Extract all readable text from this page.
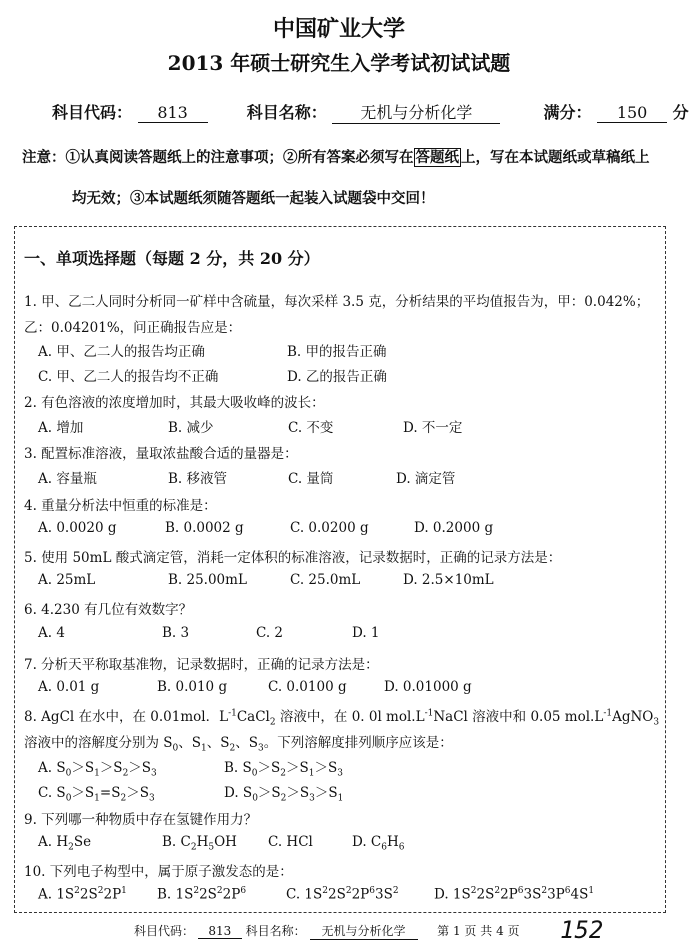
中国矿业大学
2013 年硕士研究生入学考试初试试题
科目代码： 813	科目名称： 无机与分析化学	满分： 150 分
注意：①认真阅读答题纸上的注意事项；②所有答案必须写在 答题纸 上，写在本试题纸或草稿纸上
均无效；③本试题纸须随答题纸一起装入试题袋中交回！
一、单项选择题（每题 2 分，共 20 分）
1. 甲、乙二人同时分析同一矿样中含硫量，每次采样 3.5 克，分析结果的平均值报告为，甲：0.042%；
乙：0.04201%，问正确报告应是：
A. 甲、乙二人的报告均正确	B. 甲的报告正确
C. 甲、乙二人的报告均不正确	D. 乙的报告正确
2. 有色溶液的浓度增加时，其最大吸收峰的波长：
A. 增加	B. 减少	C. 不变	D. 不一定
3. 配置标准溶液，量取浓盐酸合适的量器是：
A. 容量瓶	B. 移液管	C. 量筒	D. 滴定管
4. 重量分析法中恒重的标准是：
A. 0.0020 g	B. 0.0002 g	C. 0.0200 g	D. 0.2000 g
5. 使用 50mL 酸式滴定管，消耗一定体积的标准溶液，记录数据时，正确的记录方法是：
A. 25mL	B. 25.00mL	C. 25.0mL	D. 2.5×10mL
6. 4.230 有几位有效数字？
A. 4	B. 3	C. 2	D. 1
7. 分析天平称取基准物，记录数据时，正确的记录方法是：
A. 0.01 g	B. 0.010 g	C. 0.0100 g	D. 0.01000 g
8. AgCl 在水中，在 0.01mol．$L^{-1}CaCl_2$ 溶液中，在 0. 0l $mol.L^{-1}NaCl$ 溶液中和 0.05 $mol.L^{-1}AgNO_3$
溶液中的溶解度分别为 $S_0$、$S_1$、$S_2$、$S_3$。下列溶解度排列顺序应该是：
A. $S_0>S_1>S_2>S_3$	B. $S_0>S_2>S_1>S_3$
C. $S_0>S_1=S_2>S_3$	D. $S_0>S_2>S_3>S_1$
9. 下列哪一种物质中存在氢键作用力？
A. $H_2Se$	B. $C_2H_5OH$ C. HCl	D. $C_6H_6$
10. 下列电子构型中，属于原子激发态的是：
A. $1S^22S^22P^1$ B. $1S^22S^22P^6$	C. $1S^22S^22P^63S^2$	D. $1S^22S^22P^63S^23P^64S^1$
科目代码： 813 科目名称： 无机与分析化学	第 1 页 共 4 页 152
